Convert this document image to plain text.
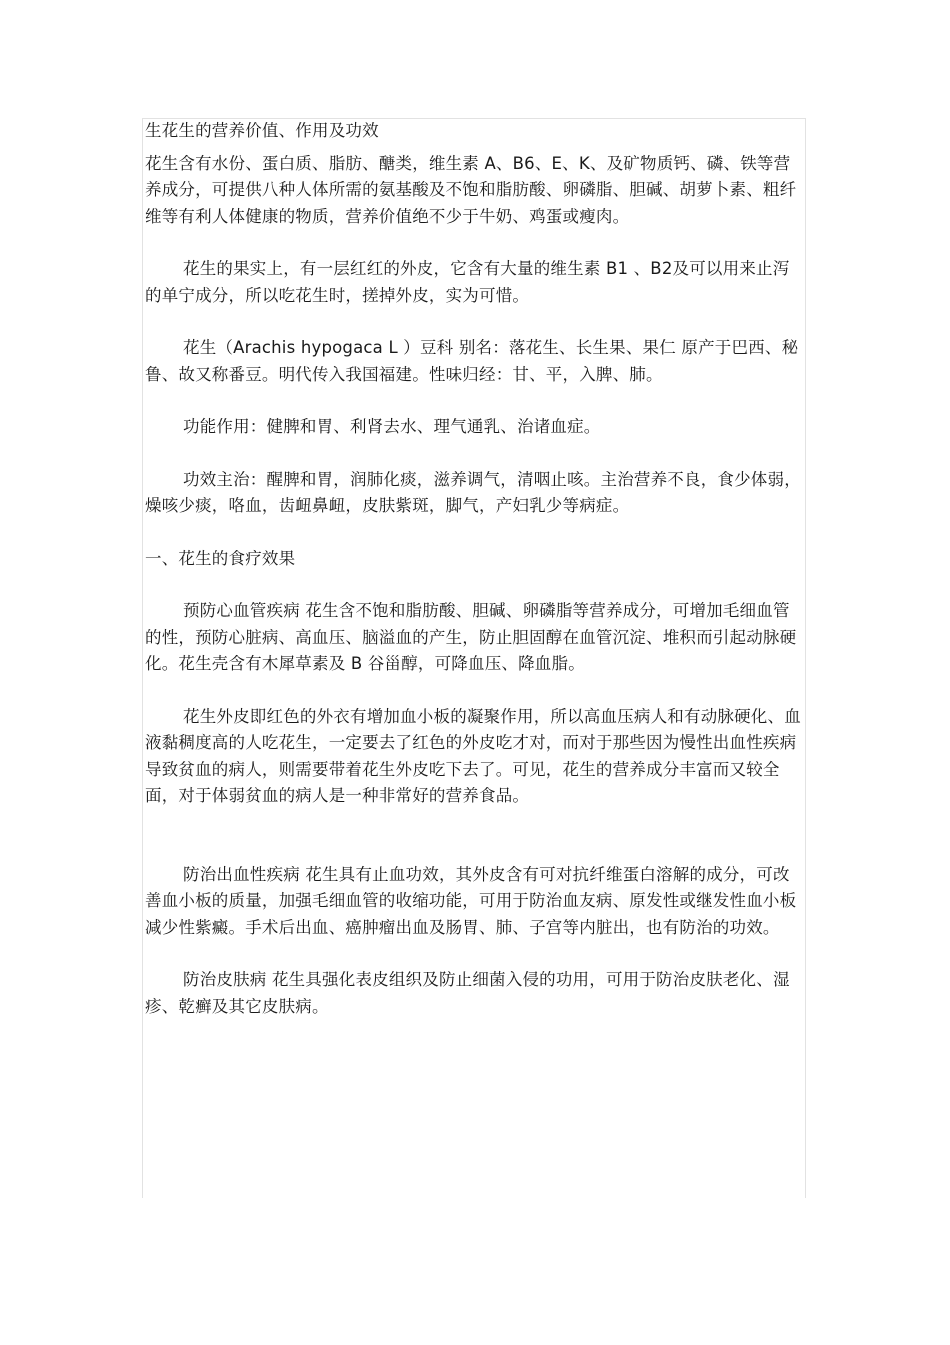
生花生的营养价值、作用及功效

花生含有水份、蛋白质、脂肪、醣类，维生素 A、B6、E、K、及矿物质钙、磷、铁等营养成分，可提供八种人体所需的氨基酸及不饱和脂肪酸、卵磷脂、胆碱、胡萝卜素、粗纤维等有利人体健康的物质，营养价值绝不少于牛奶、鸡蛋或瘦肉。

花生的果实上，有一层红红的外皮，它含有大量的维生素 B1 、B2及可以用来止泻的单宁成分，所以吃花生时，搓掉外皮，实为可惜。

花生（Arachis hypogaca L ）豆科 别名：落花生、长生果、果仁 原产于巴西、秘鲁、故又称番豆。明代传入我国福建。性味归经：甘、平，入脾、肺。

功能作用：健脾和胃、利肾去水、理气通乳、治诸血症。

功效主治：醒脾和胃，润肺化痰，滋养调气，清咽止咳。主治营养不良，食少体弱，燥咳少痰，咯血，齿衄鼻衄，皮肤紫斑，脚气，产妇乳少等病症。

一、花生的食疗效果

预防心血管疾病 花生含不饱和脂肪酸、胆碱、卵磷脂等营养成分，可增加毛细血管的性，预防心脏病、高血压、脑溢血的产生，防止胆固醇在血管沉淀、堆积而引起动脉硬化。花生壳含有木犀草素及 B 谷甾醇，可降血压、降血脂。

花生外皮即红色的外衣有增加血小板的凝聚作用，所以高血压病人和有动脉硬化、血液黏稠度高的人吃花生，一定要去了红色的外皮吃才对，而对于那些因为慢性出血性疾病导致贫血的病人，则需要带着花生外皮吃下去了。可见，花生的营养成分丰富而又较全面，对于体弱贫血的病人是一种非常好的营养食品。

防治出血性疾病 花生具有止血功效，其外皮含有可对抗纤维蛋白溶解的成分，可改善血小板的质量，加强毛细血管的收缩功能，可用于防治血友病、原发性或继发性血小板减少性紫癜。手术后出血、癌肿瘤出血及肠胃、肺、子宫等内脏出，也有防治的功效。

防治皮肤病 花生具强化表皮组织及防止细菌入侵的功用，可用于防治皮肤老化、湿疹、乾癣及其它皮肤病。
